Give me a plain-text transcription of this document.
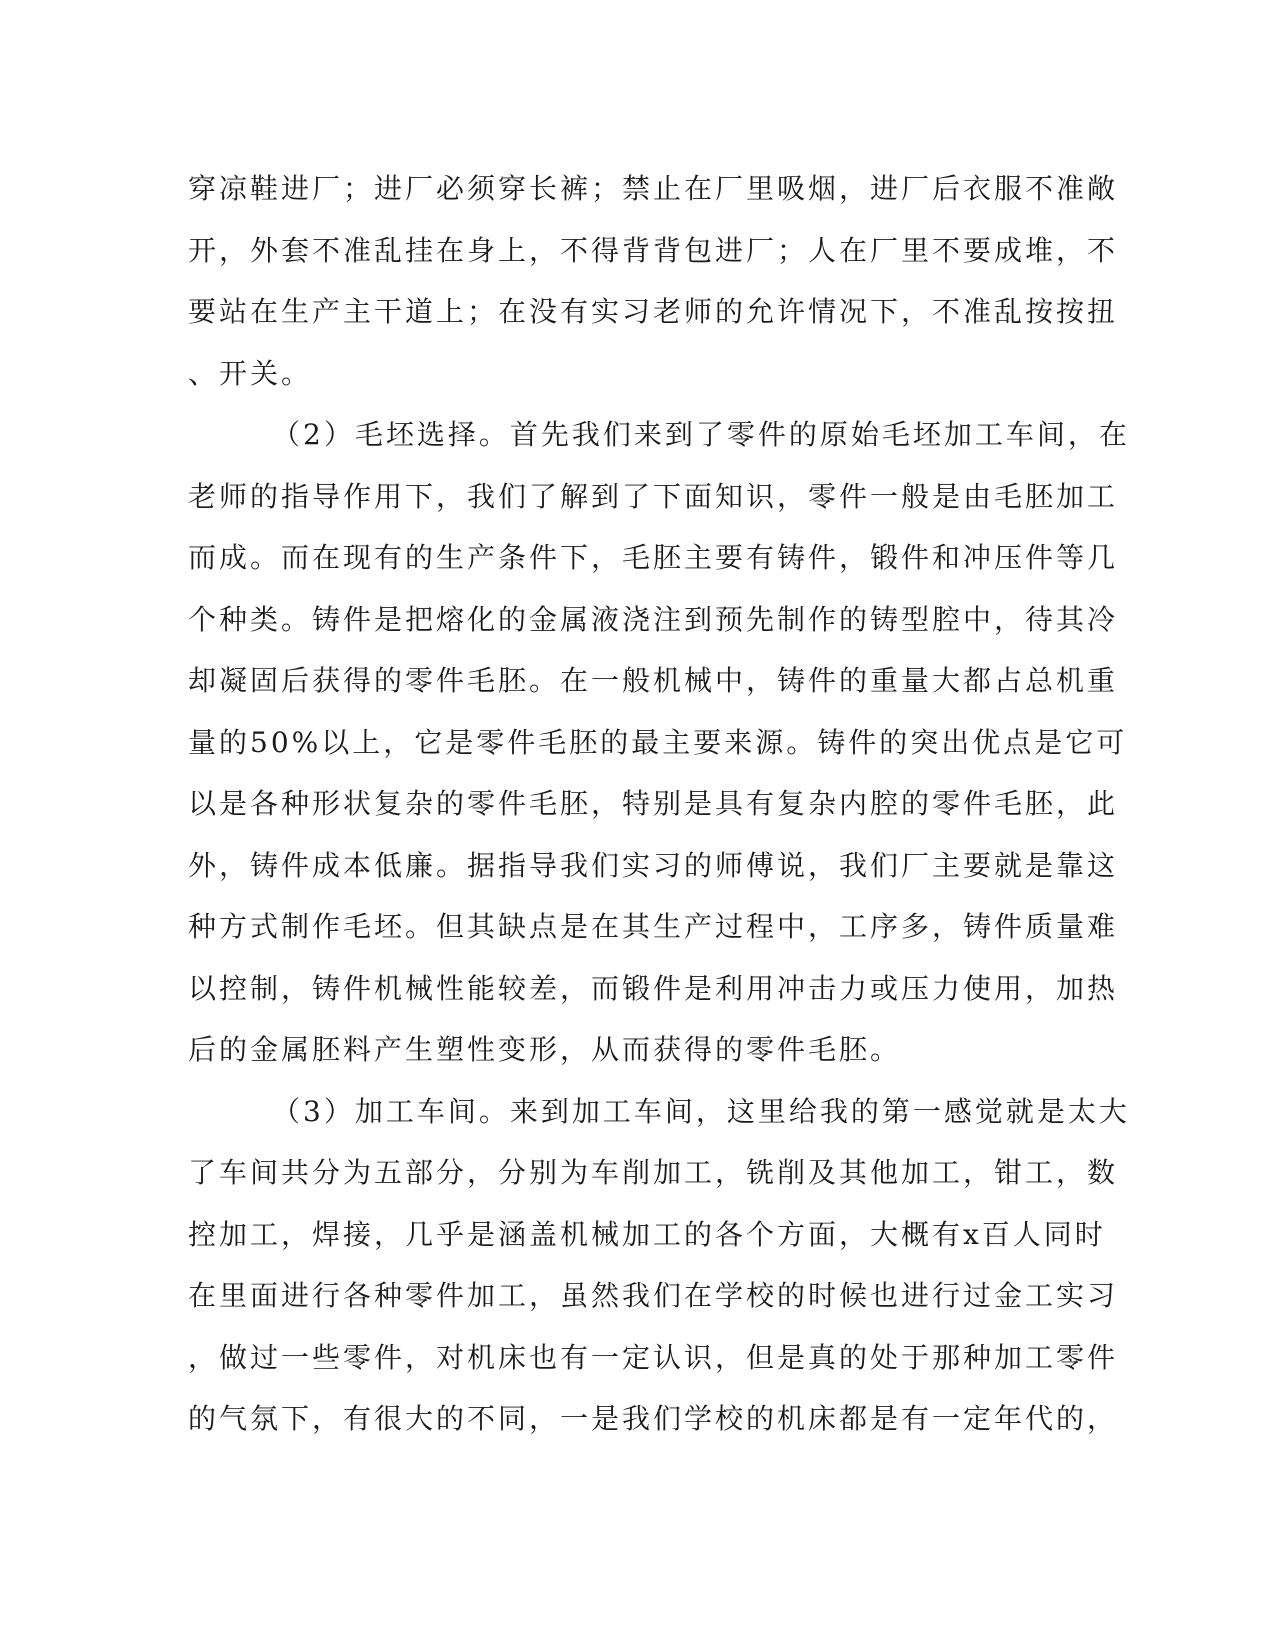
穿凉鞋进厂；进厂必须穿长裤；禁止在厂里吸烟，进厂后衣服不准敞
开，外套不准乱挂在身上，不得背背包进厂；人在厂里不要成堆，不
要站在生产主干道上；在没有实习老师的允许情况下，不准乱按按扭
、开关。
（2）毛坯选择。首先我们来到了零件的原始毛坯加工车间，在
老师的指导作用下，我们了解到了下面知识，零件一般是由毛胚加工
而成。而在现有的生产条件下，毛胚主要有铸件，锻件和冲压件等几
个种类。铸件是把熔化的金属液浇注到预先制作的铸型腔中，待其冷
却凝固后获得的零件毛胚。在一般机械中，铸件的重量大都占总机重
量的50%以上，它是零件毛胚的最主要来源。铸件的突出优点是它可
以是各种形状复杂的零件毛胚，特别是具有复杂内腔的零件毛胚，此
外，铸件成本低廉。据指导我们实习的师傅说，我们厂主要就是靠这
种方式制作毛坯。但其缺点是在其生产过程中，工序多，铸件质量难
以控制，铸件机械性能较差，而锻件是利用冲击力或压力使用，加热
后的金属胚料产生塑性变形，从而获得的零件毛胚。
（3）加工车间。来到加工车间，这里给我的第一感觉就是太大
了车间共分为五部分，分别为车削加工，铣削及其他加工，钳工，数
控加工，焊接，几乎是涵盖机械加工的各个方面，大概有x百人同时
在里面进行各种零件加工，虽然我们在学校的时候也进行过金工实习
，做过一些零件，对机床也有一定认识，但是真的处于那种加工零件
的气氛下，有很大的不同，一是我们学校的机床都是有一定年代的，
